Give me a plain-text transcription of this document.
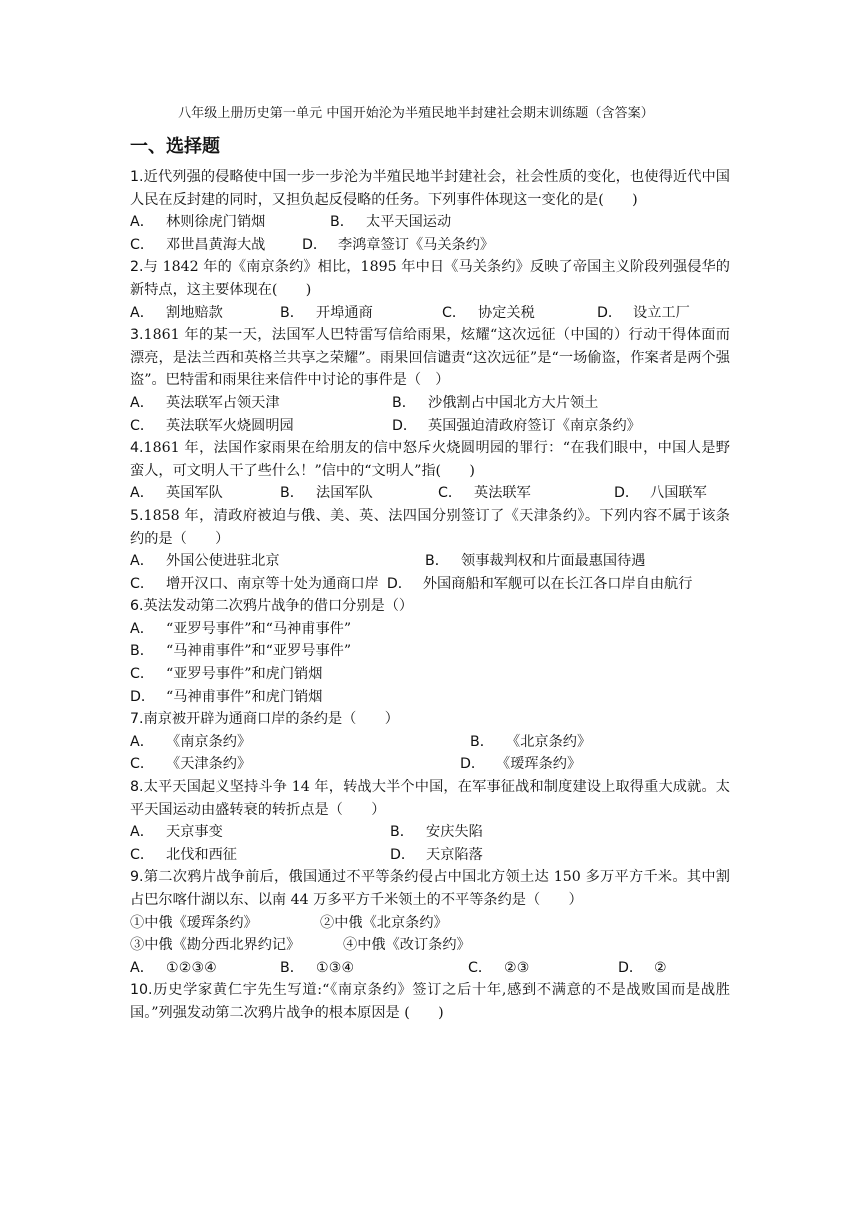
八年级上册历史第一单元 中国开始沦为半殖民地半封建社会期末训练题（含答案）
一、选择题
1.近代列强的侵略使中国一步一步沦为半殖民地半封建社会，社会性质的变化，也使得近代中国人民在反封建的同时，又担负起反侵略的任务。下列事件体现这一变化的是(　　)
A． 林则徐虎门销烟	B． 太平天国运动
C． 邓世昌黄海大战	D． 李鸿章签订《马关条约》
2.与 1842 年的《南京条约》相比，1895 年中日《马关条约》反映了帝国主义阶段列强侵华的新特点，这主要体现在(　　)
A． 割地赔款	B． 开埠通商	C． 协定关税	D． 设立工厂
3.1861 年的某一天，法国军人巴特雷写信给雨果，炫耀“这次远征（中国的）行动干得体面而漂亮，是法兰西和英格兰共享之荣耀”。雨果回信谴责“这次远征”是“一场偷盗，作案者是两个强盗”。巴特雷和雨果往来信件中讨论的事件是（　）
A． 英法联军占领天津	B． 沙俄割占中国北方大片领土
C． 英法联军火烧圆明园	D． 英国强迫清政府签订《南京条约》
4.1861 年，法国作家雨果在给朋友的信中怒斥火烧圆明园的罪行：“在我们眼中，中国人是野蛮人，可文明人干了些什么！”信中的“文明人”指(　　)
A． 英国军队	B． 法国军队	C． 英法联军	D． 八国联军
5.1858 年，清政府被迫与俄、美、英、法四国分别签订了《天津条约》。下列内容不属于该条约的是（　　）
A． 外国公使进驻北京	B． 领事裁判权和片面最惠国待遇
C． 增开汉口、南京等十处为通商口岸 D． 外国商船和军舰可以在长江各口岸自由航行
6.英法发动第二次鸦片战争的借口分别是（）
A． “亚罗号事件”和“马神甫事件”
B． “马神甫事件”和“亚罗号事件”
C． “亚罗号事件”和虎门销烟
D． “马神甫事件”和虎门销烟
7.南京被开辟为通商口岸的条约是（　　）
A． 《南京条约》	B． 《北京条约》
C． 《天津条约》	D． 《瑷珲条约》
8.太平天国起义坚持斗争 14 年，转战大半个中国，在军事征战和制度建设上取得重大成就。太平天国运动由盛转衰的转折点是（　　）
A． 天京事变	B． 安庆失陷
C． 北伐和西征	D． 天京陷落
9.第二次鸦片战争前后，俄国通过不平等条约侵占中国北方领土达 150 多万平方千米。其中割占巴尔喀什湖以东、以南 44 万多平方千米领土的不平等条约是（　　）
①中俄《瑷珲条约》	②中俄《北京条约》
③中俄《勘分西北界约记》	④中俄《改订条约》
A． ①②③④	B． ①③④	C． ②③	D． ②
10.历史学家黄仁宇先生写道:“《南京条约》签订之后十年,感到不满意的不是战败国而是战胜国。”列强发动第二次鸦片战争的根本原因是 (　　)
